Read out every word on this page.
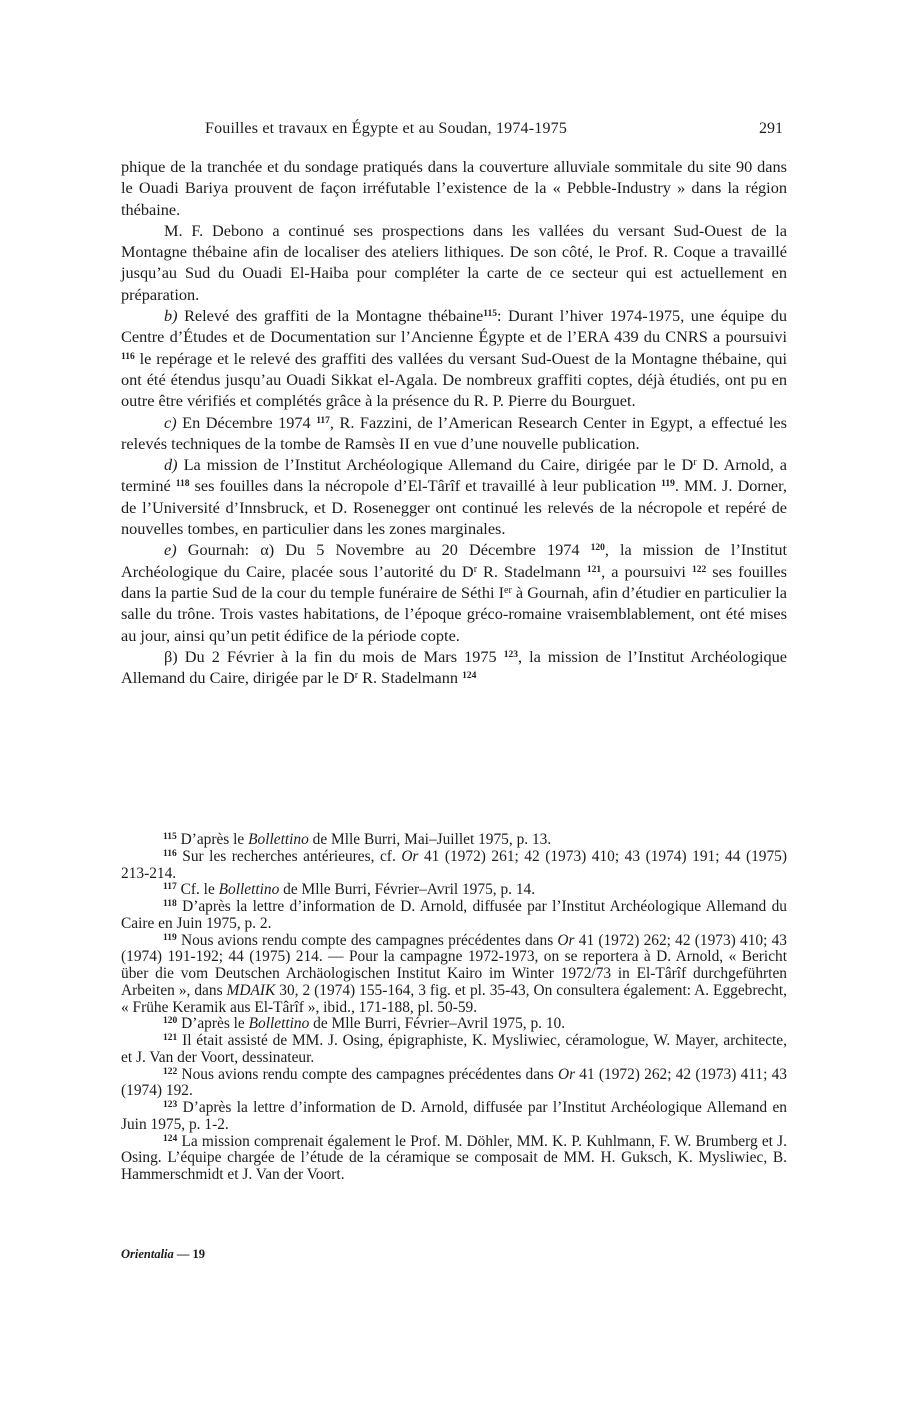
Fouilles et travaux en Égypte et au Soudan, 1974-1975	291

phique de la tranchée et du sondage pratiqués dans la couverture alluviale sommitale du site 90 dans le Ouadi Bariya prouvent de façon irréfutable l’existence de la « Pebble-Industry » dans la région thébaine.

M. F. Debono a continué ses prospections dans les vallées du versant Sud-Ouest de la Montagne thébaine afin de localiser des ateliers lithiques. De son côté, le Prof. R. Coque a travaillé jusqu’au Sud du Ouadi El-Haiba pour compléter la carte de ce secteur qui est actuellement en préparation.

b) Relevé des graffiti de la Montagne thébaine$^{115}$: Durant l’hiver 1974-1975, une équipe du Centre d’Études et de Documentation sur l’Ancienne Égypte et de l’ERA 439 du CNRS a poursuivi $^{116}$ le repérage et le relevé des graffiti des vallées du versant Sud-Ouest de la Montagne thébaine, qui ont été étendus jusqu’au Ouadi Sikkat el-Agala. De nombreux graffiti coptes, déjà étudiés, ont pu en outre être vérifiés et complétés grâce à la présence du R. P. Pierre du Bourguet.

c) En Décembre 1974 $^{117}$, R. Fazzini, de l’American Research Center in Egypt, a effectué les relevés techniques de la tombe de Ramsès II en vue d’une nouvelle publication.

d) La mission de l’Institut Archéologique Allemand du Caire, dirigée par le $D^r$ D. Arnold, a terminé $^{118}$ ses fouilles dans la nécropole d’El-Târîf et travaillé à leur publication $^{119}$. MM. J. Dorner, de l’Université d’Innsbruck, et D. Rosenegger ont continué les relevés de la nécropole et repéré de nouvelles tombes, en particulier dans les zones marginales.

e) Gournah: α) Du 5 Novembre au 20 Décembre 1974 $^{120}$, la mission de l’Institut Archéologique du Caire, placée sous l’autorité du $D^r$ R. Stadelmann $^{121}$, a poursuivi $^{122}$ ses fouilles dans la partie Sud de la cour du temple funéraire de Séthi Ier à Gournah, afin d’étudier en particulier la salle du trône. Trois vastes habitations, de l’époque gréco-romaine vraisemblablement, ont été mises au jour, ainsi qu’un petit édifice de la période copte.

β) Du 2 Février à la fin du mois de Mars 1975 $^{123}$, la mission de l’Institut Archéologique Allemand du Caire, dirigée par le $D^r$ R. Stadelmann $^{124}$

$^{115}$ D’après le Bollettino de Mlle Burri, Mai–Juillet 1975, p. 13.

$^{116}$ Sur les recherches antérieures, cf. Or 41 (1972) 261; 42 (1973) 410; 43 (1974) 191; 44 (1975) 213-214.

$^{117}$ Cf. le Bollettino de Mlle Burri, Février–Avril 1975, p. 14.

$^{118}$ D’après la lettre d’information de D. Arnold, diffusée par l’Institut Archéologique Allemand du Caire en Juin 1975, p. 2.

$^{119}$ Nous avions rendu compte des campagnes précédentes dans Or 41 (1972) 262; 42 (1973) 410; 43 (1974) 191-192; 44 (1975) 214. — Pour la campagne 1972-1973, on se reportera à D. Arnold, « Bericht über die vom Deutschen Archäologischen Institut Kairo im Winter 1972/73 in El-Târîf durchgeführten Arbeiten », dans MDAIK 30, 2 (1974) 155-164, 3 fig. et pl. 35-43, On consultera également: A. Eggebrecht, « Frühe Keramik aus El-Târîf », ibid., 171-188, pl. 50-59.

$^{120}$ D’après le Bollettino de Mlle Burri, Février–Avril 1975, p. 10.

$^{121}$ Il était assisté de MM. J. Osing, épigraphiste, K. Mysliwiec, céramologue, W. Mayer, architecte, et J. Van der Voort, dessinateur.

$^{122}$ Nous avions rendu compte des campagnes précédentes dans Or 41 (1972) 262; 42 (1973) 411; 43 (1974) 192.

$^{123}$ D’après la lettre d’information de D. Arnold, diffusée par l’Institut Archéologique Allemand en Juin 1975, p. 1-2.

$^{124}$ La mission comprenait également le Prof. M. Döhler, MM. K. P. Kuhlmann, F. W. Brumberg et J. Osing. L’équipe chargée de l’étude de la céramique se composait de MM. H. Guksch, K. Mysliwiec, B. Hammerschmidt et J. Van der Voort.

Orientalia — 19
